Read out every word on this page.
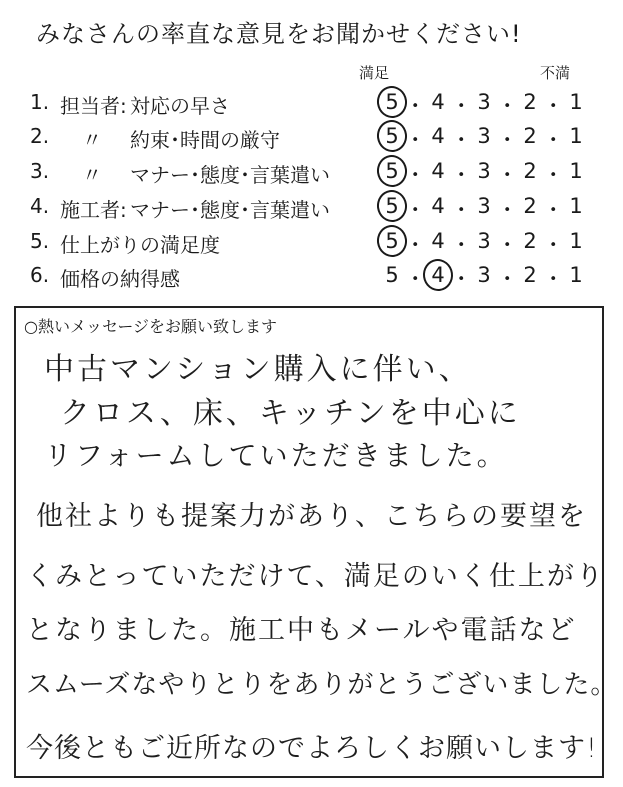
みなさんの率直な意見をお聞かせください!
満足	不満
1. 担当者: 対応の早さ	5 ･ 4 ･ 3 ･ 2 ･ 1
2. 〃 約束･時間の厳守	5 ･ 4 ･ 3 ･ 2 ･ 1
3. 〃 マナー･態度･言葉遣い	5 ･ 4 ･ 3 ･ 2 ･ 1
4. 施工者: マナー･態度･言葉遣い	5 ･ 4 ･ 3 ･ 2 ･ 1
5. 仕上がりの満足度	5 ･ 4 ･ 3 ･ 2 ･ 1
6. 価格の納得感	5 ･ 4 ･ 3 ･ 2 ･ 1
○熱いメッセージをお願い致します
中古マンション購入に伴い、
クロス、床、キッチンを中心に
リフォームしていただきました。
他社よりも提案力があり、こちらの要望を
くみとっていただけて、満足のいく仕上がり
となりました。施工中もメールや電話など
スムーズなやりとりをありがとうございました。
今後ともご近所なのでよろしくお願いします!
